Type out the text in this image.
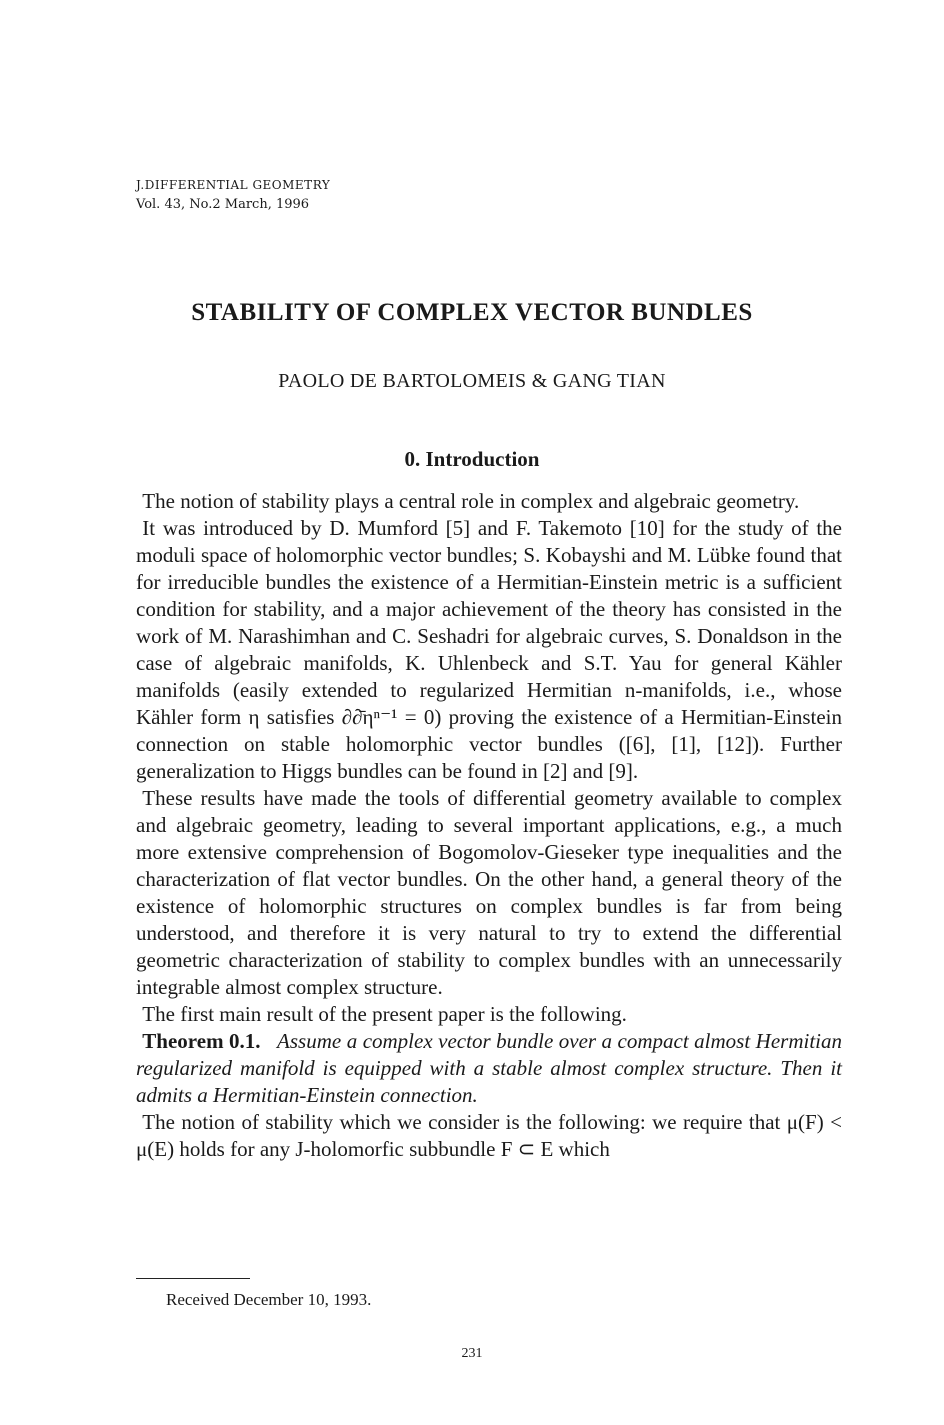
J.DIFFERENTIAL GEOMETRY
Vol. 43, No.2 March, 1996
STABILITY OF COMPLEX VECTOR BUNDLES
PAOLO DE BARTOLOMEIS & GANG TIAN
0. Introduction

The notion of stability plays a central role in complex and algebraic geometry.

It was introduced by D. Mumford [5] and F. Takemoto [10] for the study of the moduli space of holomorphic vector bundles; S. Kobayshi and M. Lübke found that for irreducible bundles the existence of a Hermitian-Einstein metric is a sufficient condition for stability, and a major achievement of the theory has consisted in the work of M. Narashimhan and C. Seshadri for algebraic curves, S. Donaldson in the case of algebraic manifolds, K. Uhlenbeck and S.T. Yau for general Kähler manifolds (easily extended to regularized Hermitian n-manifolds, i.e., whose Kähler form η satisfies ∂∂̄ηⁿ⁻¹ = 0) proving the existence of a Hermitian-Einstein connection on stable holomorphic vector bundles ([6], [1], [12]). Further generalization to Higgs bundles can be found in [2] and [9].

These results have made the tools of differential geometry available to complex and algebraic geometry, leading to several important applications, e.g., a much more extensive comprehension of Bogomolov-Gieseker type inequalities and the characterization of flat vector bundles. On the other hand, a general theory of the existence of holomorphic structures on complex bundles is far from being understood, and therefore it is very natural to try to extend the differential geometric characterization of stability to complex bundles with an unnecessarily integrable almost complex structure.

The first main result of the present paper is the following.

Theorem 0.1. Assume a complex vector bundle over a compact almost Hermitian regularized manifold is equipped with a stable almost complex structure. Then it admits a Hermitian-Einstein connection.

The notion of stability which we consider is the following: we require that μ(F) < μ(E) holds for any J-holomorfic subbundle F ⊂ E which

Received December 10, 1993.
231
